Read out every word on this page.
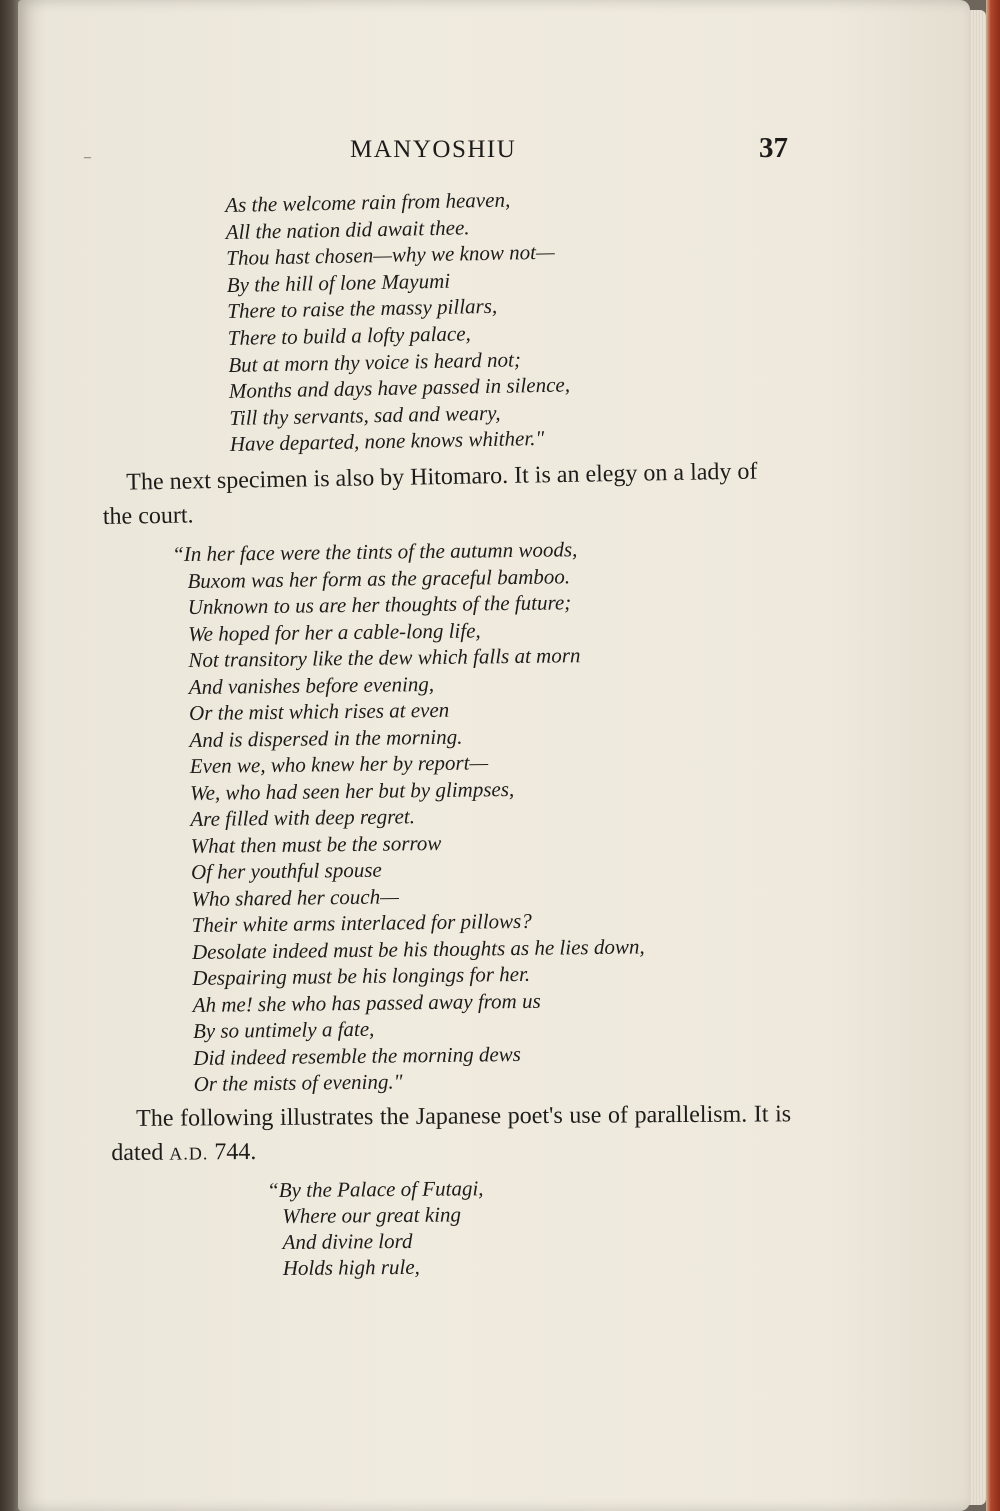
–	MANYOSHIU	37
As the welcome rain from heaven,
All the nation did await thee.
Thou hast chosen—why we know not—
By the hill of lone Mayumi
There to raise the massy pillars,
There to build a lofty palace,
But at morn thy voice is heard not;
Months and days have passed in silence,
Till thy servants, sad and weary,
Have departed, none knows whither."

The next specimen is also by Hitomaro. It is an elegy on a lady of the court.

“In her face were the tints of the autumn woods,
Buxom was her form as the graceful bamboo.
Unknown to us are her thoughts of the future;
We hoped for her a cable-long life,
Not transitory like the dew which falls at morn
And vanishes before evening,
Or the mist which rises at even
And is dispersed in the morning.
Even we, who knew her by report—
We, who had seen her but by glimpses,
Are filled with deep regret.
What then must be the sorrow
Of her youthful spouse
Who shared her couch—
Their white arms interlaced for pillows?
Desolate indeed must be his thoughts as he lies down,
Despairing must be his longings for her.
Ah me! she who has passed away from us
By so untimely a fate,
Did indeed resemble the morning dews
Or the mists of evening."

The following illustrates the Japanese poet's use of parallelism. It is dated A.D. 744.

“By the Palace of Futagi,
Where our great king
And divine lord
Holds high rule,
